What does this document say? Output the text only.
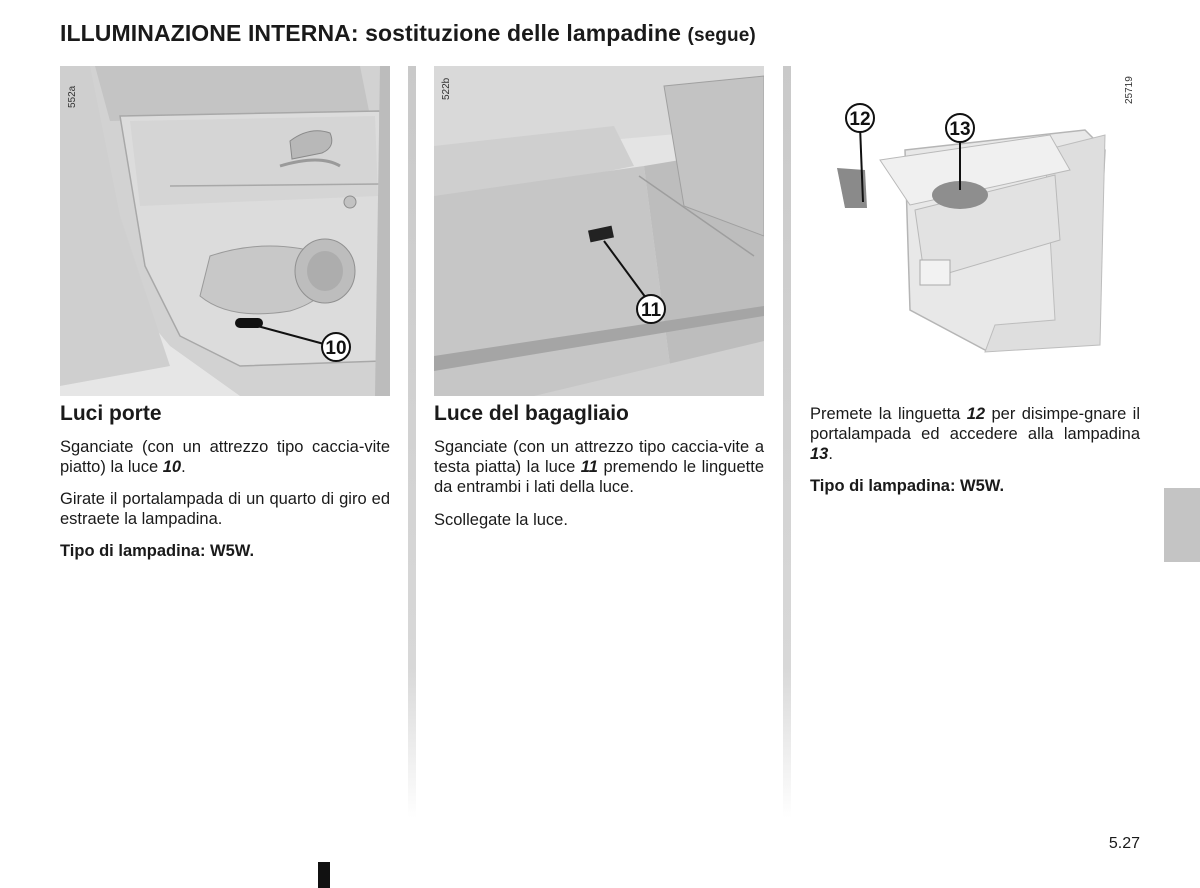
ILLUMINAZIONE INTERNA: sostituzione delle lampadine (segue)
10
552a
11
522b
12	13
25719
Luci porte

Sganciate (con un attrezzo tipo caccia-vite piatto) la luce 10.

Girate il portalampada di un quarto di giro ed estraete la lampadina.

Tipo di lampadina: W5W.

Luce del bagagliaio

Sganciate (con un attrezzo tipo caccia-vite a testa piatta) la luce 11 premendo le linguette da entrambi i lati della luce.

Scollegate la luce.

Premete la linguetta 12 per disimpe-gnare il portalampada ed accedere alla lampadina 13.

Tipo di lampadina: W5W.

5.27
